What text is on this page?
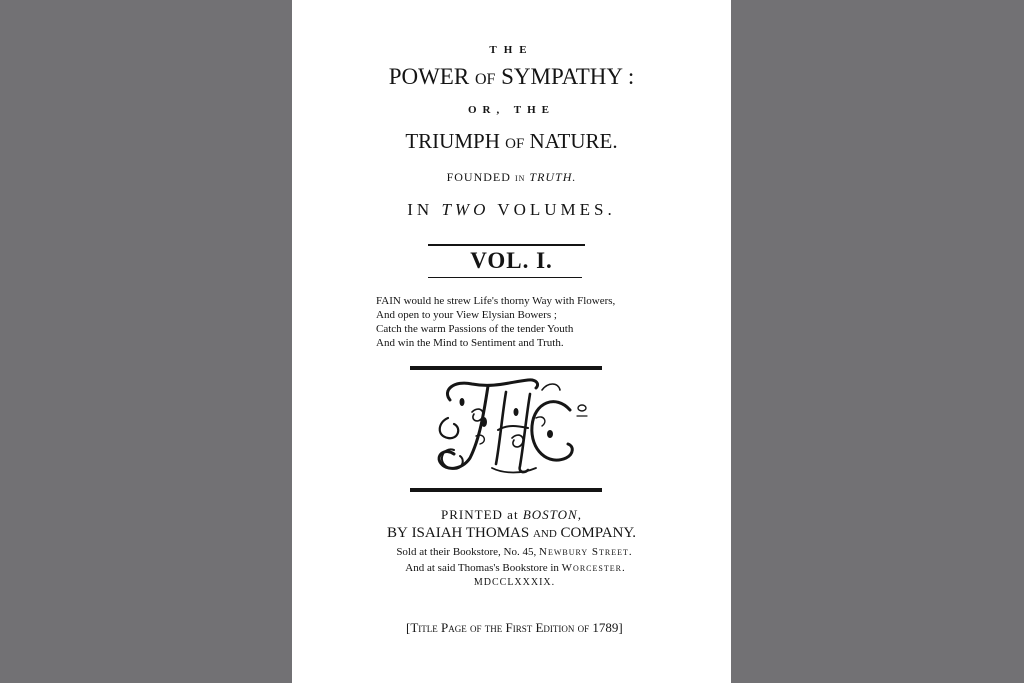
THE
POWER of SYMPATHY :
OR, THE
TRIUMPH of NATURE.
FOUNDED in TRUTH.
IN TWO VOLUMES.
VOL. I.
FAIN would he strew Life's thorny Way with Flowers,
And open to your View Elysian Bowers ;
Catch the warm Passions of the tender Youth
And win the Mind to Sentiment and Truth.
PRINTED at BOSTON,
BY ISAIAH THOMAS and COMPANY.
Sold at their Bookstore, No. 45, Newbury Street.
And at said Thomas's Bookstore in Worcester.
MDCCLXXXIX.
[Title Page of the First Edition of 1789]
